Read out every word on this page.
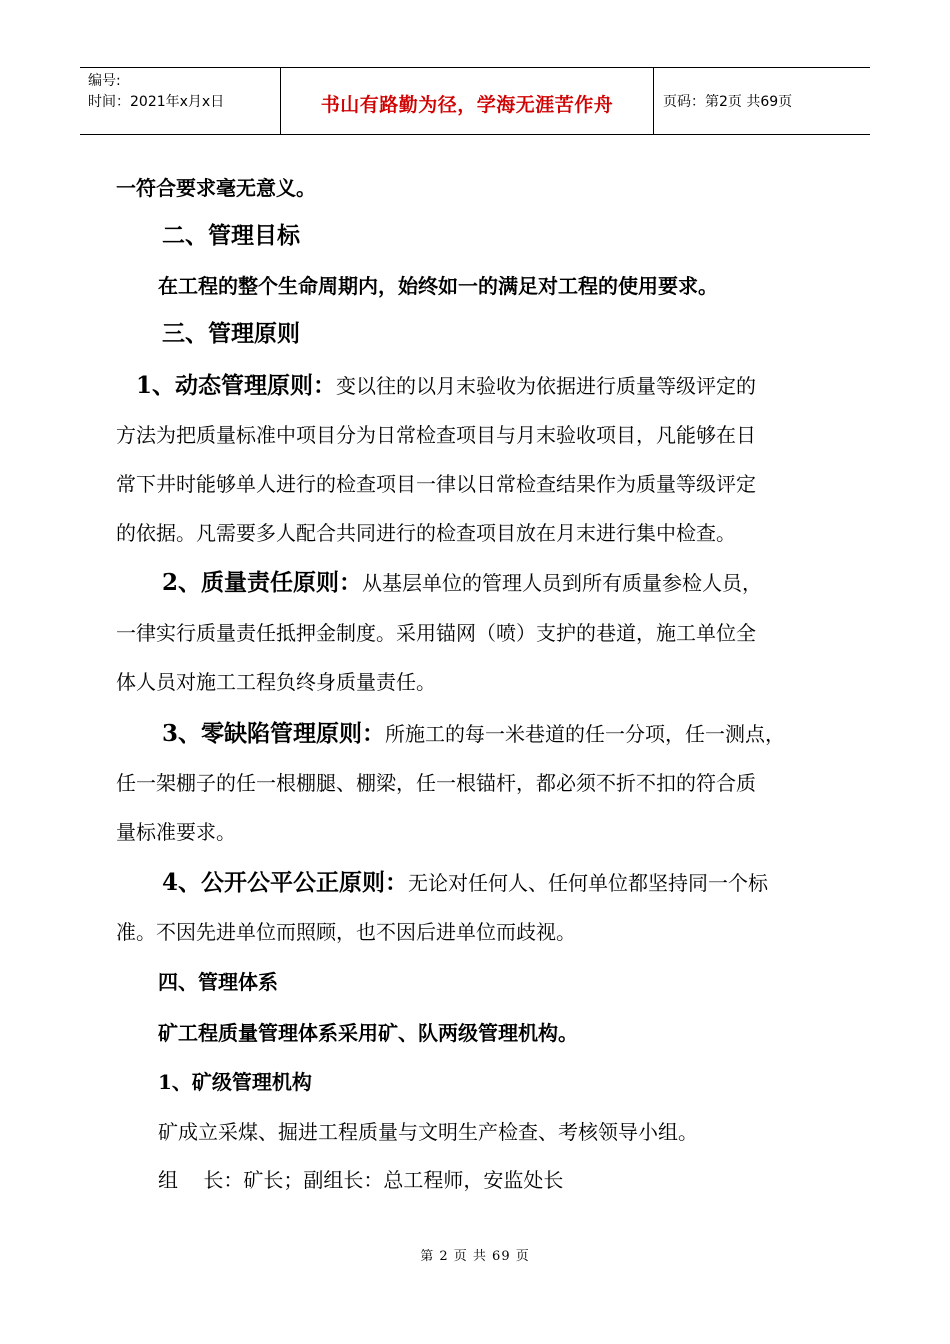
编号:
时间：2021年x月x日	书山有路勤为径，学海无涯苦作舟	页码：第2页 共69页
一符合要求毫无意义。
二、管理目标
在工程的整个生命周期内，始终如一的满足对工程的使用要求。
三、管理原则
1、动态管理原则：变以往的以月末验收为依据进行质量等级评定的
方法为把质量标准中项目分为日常检查项目与月末验收项目，凡能够在日
常下井时能够单人进行的检查项目一律以日常检查结果作为质量等级评定
的依据。凡需要多人配合共同进行的检查项目放在月末进行集中检查。
2、质量责任原则：从基层单位的管理人员到所有质量参检人员，
一律实行质量责任抵押金制度。采用锚网（喷）支护的巷道，施工单位全
体人员对施工工程负终身质量责任。
3、零缺陷管理原则：所施工的每一米巷道的任一分项，任一测点，
任一架棚子的任一根棚腿、棚梁，任一根锚杆，都必须不折不扣的符合质
量标准要求。
4、公开公平公正原则：无论对任何人、任何单位都坚持同一个标
准。不因先进单位而照顾，也不因后进单位而歧视。
四、管理体系
矿工程质量管理体系采用矿、队两级管理机构。
1、矿级管理机构
矿成立采煤、掘进工程质量与文明生产检查、考核领导小组。
组    长：矿长；副组长：总工程师，安监处长
第 2 页 共 69 页
